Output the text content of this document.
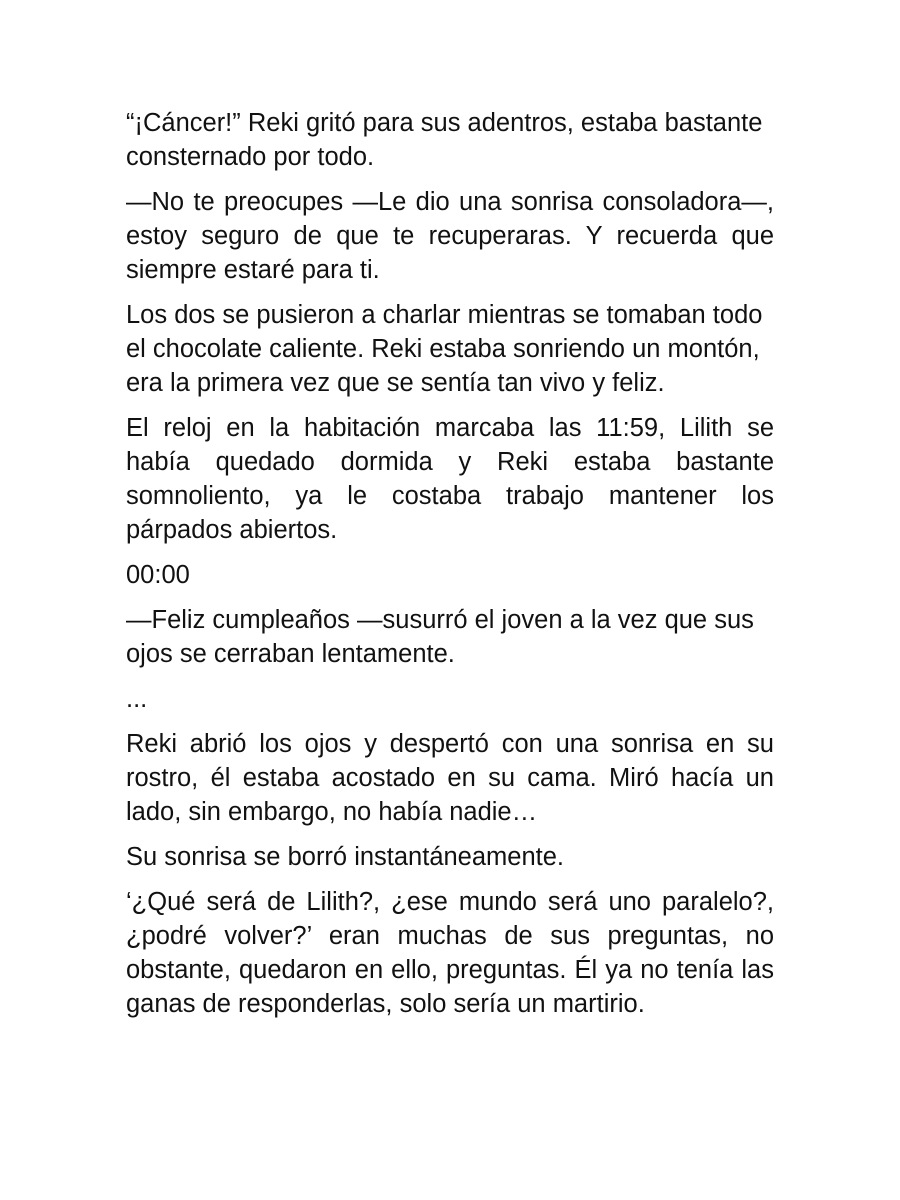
“¡Cáncer!” Reki gritó para sus adentros, estaba bastante consternado por todo.

—No te preocupes —Le dio una sonrisa consoladora—, estoy seguro de que te recuperaras. Y recuerda que siempre estaré para ti.

Los dos se pusieron a charlar mientras se tomaban todo el chocolate caliente. Reki estaba sonriendo un montón, era la primera vez que se sentía tan vivo y feliz.

El reloj en la habitación marcaba las 11:59, Lilith se había quedado dormida y Reki estaba bastante somnoliento, ya le costaba trabajo mantener los párpados abiertos.

00:00

—Feliz cumpleaños —susurró el joven a la vez que sus ojos se cerraban lentamente.

...

Reki abrió los ojos y despertó con una sonrisa en su rostro, él estaba acostado en su cama. Miró hacía un lado, sin embargo, no había nadie…

Su sonrisa se borró instantáneamente.

‘¿Qué será de Lilith?, ¿ese mundo será uno paralelo?, ¿podré volver?’ eran muchas de sus preguntas, no obstante, quedaron en ello, preguntas. Él ya no tenía las ganas de responderlas, solo sería un martirio.
